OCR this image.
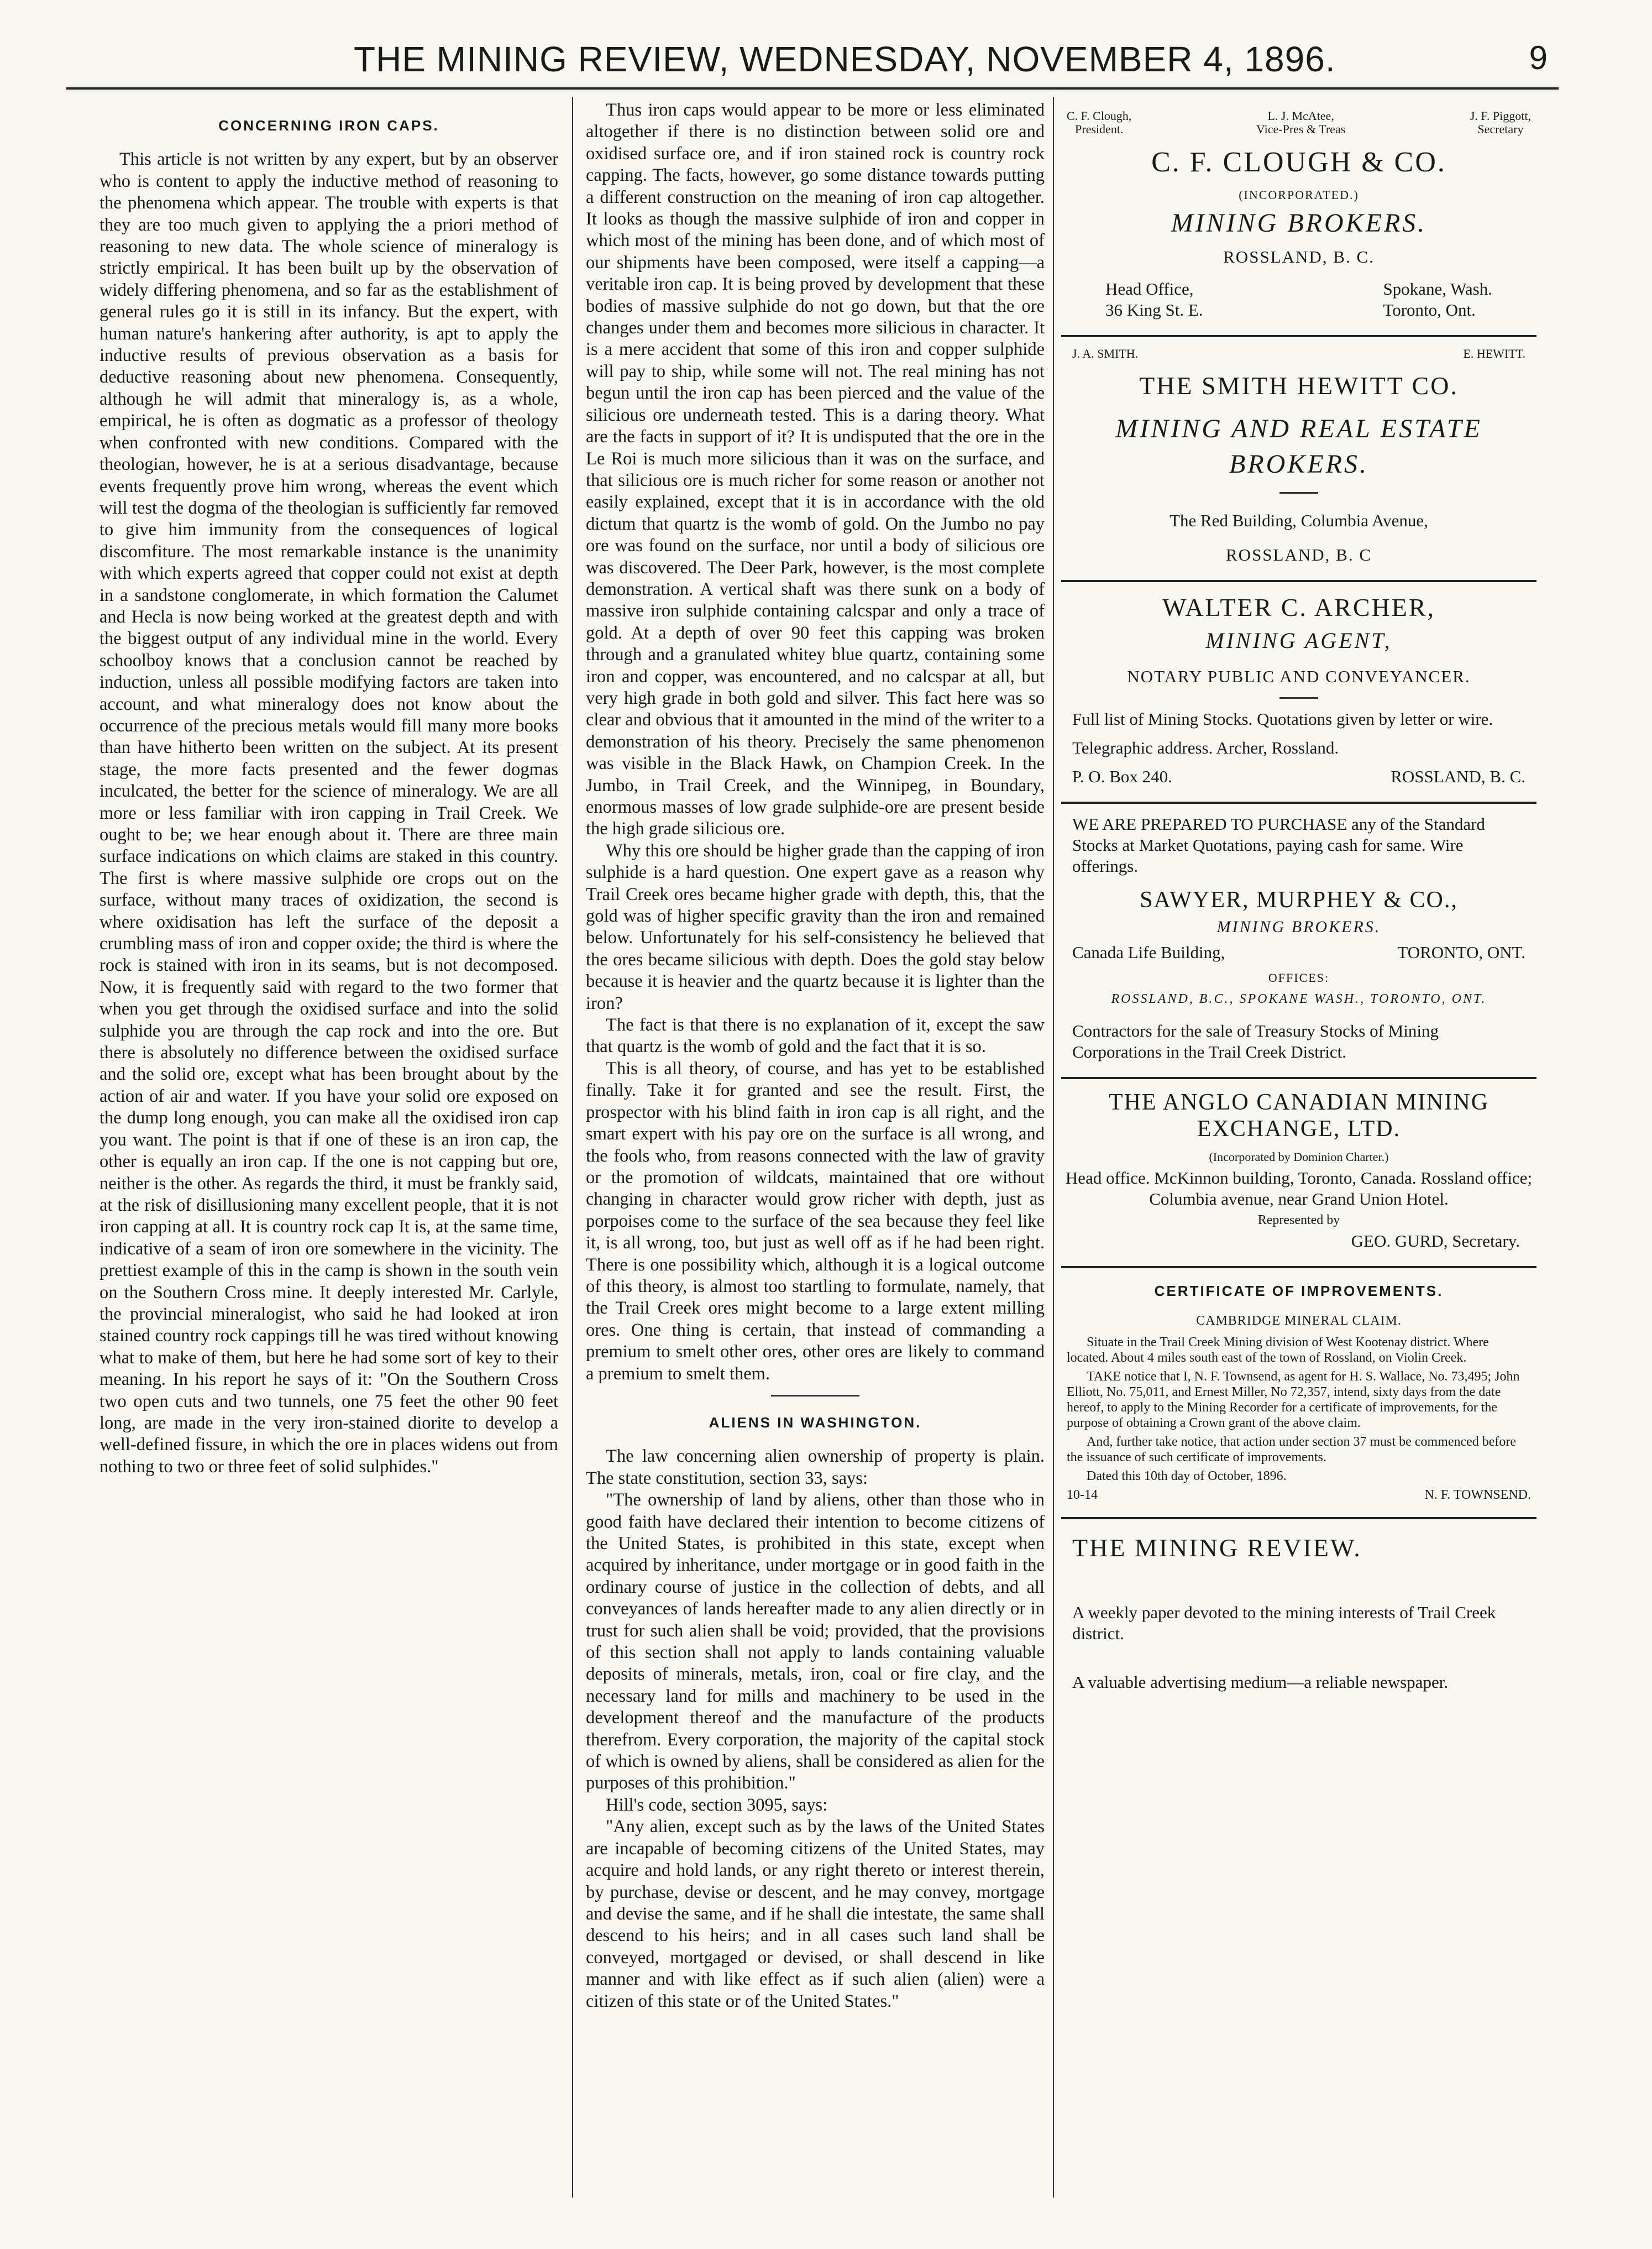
THE MINING REVIEW, WEDNESDAY, NOVEMBER 4, 1896.	9
CONCERNING IRON CAPS.

This article is not written by any expert, but by an observer who is content to apply the inductive method of reasoning to the phenomena which appear. The trouble with experts is that they are too much given to applying the a priori method of reasoning to new data. The whole science of mineralogy is strictly empirical. It has been built up by the observation of widely differing phenomena, and so far as the establishment of general rules go it is still in its infancy. But the expert, with human nature's hankering after authority, is apt to apply the inductive results of previous observation as a basis for deductive reasoning about new phenomena. Consequently, although he will admit that mineralogy is, as a whole, empirical, he is often as dogmatic as a professor of theology when confronted with new conditions. Compared with the theologian, however, he is at a serious disadvantage, because events frequently prove him wrong, whereas the event which will test the dogma of the theologian is sufficiently far removed to give him immunity from the consequences of logical discomfiture. The most remarkable instance is the unanimity with which experts agreed that copper could not exist at depth in a sandstone conglomerate, in which formation the Calumet and Hecla is now being worked at the greatest depth and with the biggest output of any individual mine in the world. Every schoolboy knows that a conclusion cannot be reached by induction, unless all possible modifying factors are taken into account, and what mineralogy does not know about the occurrence of the precious metals would fill many more books than have hitherto been written on the subject. At its present stage, the more facts presented and the fewer dogmas inculcated, the better for the science of mineralogy. We are all more or less familiar with iron capping in Trail Creek. We ought to be; we hear enough about it. There are three main surface indications on which claims are staked in this country. The first is where massive sulphide ore crops out on the surface, without many traces of oxidization, the second is where oxidisation has left the surface of the deposit a crumbling mass of iron and copper oxide; the third is where the rock is stained with iron in its seams, but is not decomposed. Now, it is frequently said with regard to the two former that when you get through the oxidised surface and into the solid sulphide you are through the cap rock and into the ore. But there is absolutely no difference between the oxidised surface and the solid ore, except what has been brought about by the action of air and water. If you have your solid ore exposed on the dump long enough, you can make all the oxidised iron cap you want. The point is that if one of these is an iron cap, the other is equally an iron cap. If the one is not capping but ore, neither is the other. As regards the third, it must be frankly said, at the risk of disillusioning many excellent people, that it is not iron capping at all. It is country rock cap It is, at the same time, indicative of a seam of iron ore somewhere in the vicinity. The prettiest example of this in the camp is shown in the south vein on the Southern Cross mine. It deeply interested Mr. Carlyle, the provincial mineralogist, who said he had looked at iron stained country rock cappings till he was tired without knowing what to make of them, but here he had some sort of key to their meaning. In his report he says of it: "On the Southern Cross two open cuts and two tunnels, one 75 feet the other 90 feet long, are made in the very iron-stained diorite to develop a well-defined fissure, in which the ore in places widens out from nothing to two or three feet of solid sulphides."

Thus iron caps would appear to be more or less eliminated altogether if there is no distinction between solid ore and oxidised surface ore, and if iron stained rock is country rock capping. The facts, however, go some distance towards putting a different construction on the meaning of iron cap altogether. It looks as though the massive sulphide of iron and copper in which most of the mining has been done, and of which most of our shipments have been composed, were itself a capping—a veritable iron cap. It is being proved by development that these bodies of massive sulphide do not go down, but that the ore changes under them and becomes more silicious in character. It is a mere accident that some of this iron and copper sulphide will pay to ship, while some will not. The real mining has not begun until the iron cap has been pierced and the value of the silicious ore underneath tested. This is a daring theory. What are the facts in support of it? It is undisputed that the ore in the Le Roi is much more silicious than it was on the surface, and that silicious ore is much richer for some reason or another not easily explained, except that it is in accordance with the old dictum that quartz is the womb of gold. On the Jumbo no pay ore was found on the surface, nor until a body of silicious ore was discovered. The Deer Park, however, is the most complete demonstration. A vertical shaft was there sunk on a body of massive iron sulphide containing calcspar and only a trace of gold. At a depth of over 90 feet this capping was broken through and a granulated whitey blue quartz, containing some iron and copper, was encountered, and no calcspar at all, but very high grade in both gold and silver. This fact here was so clear and obvious that it amounted in the mind of the writer to a demonstration of his theory. Precisely the same phenomenon was visible in the Black Hawk, on Champion Creek. In the Jumbo, in Trail Creek, and the Winnipeg, in Boundary, enormous masses of low grade sulphide-ore are present beside the high grade silicious ore.

Why this ore should be higher grade than the capping of iron sulphide is a hard question. One expert gave as a reason why Trail Creek ores became higher grade with depth, this, that the gold was of higher specific gravity than the iron and remained below. Unfortunately for his self-consistency he believed that the ores became silicious with depth. Does the gold stay below because it is heavier and the quartz because it is lighter than the iron?

The fact is that there is no explanation of it, except the saw that quartz is the womb of gold and the fact that it is so.

This is all theory, of course, and has yet to be established finally. Take it for granted and see the result. First, the prospector with his blind faith in iron cap is all right, and the smart expert with his pay ore on the surface is all wrong, and the fools who, from reasons connected with the law of gravity or the promotion of wildcats, maintained that ore without changing in character would grow richer with depth, just as porpoises come to the surface of the sea because they feel like it, is all wrong, too, but just as well off as if he had been right. There is one possibility which, although it is a logical outcome of this theory, is almost too startling to formulate, namely, that the Trail Creek ores might become to a large extent milling ores. One thing is certain, that instead of commanding a premium to smelt other ores, other ores are likely to command a premium to smelt them.

ALIENS IN WASHINGTON.

The law concerning alien ownership of property is plain. The state constitution, section 33, says:

"The ownership of land by aliens, other than those who in good faith have declared their intention to become citizens of the United States, is prohibited in this state, except when acquired by inheritance, under mortgage or in good faith in the ordinary course of justice in the collection of debts, and all conveyances of lands hereafter made to any alien directly or in trust for such alien shall be void; provided, that the provisions of this section shall not apply to lands containing valuable deposits of minerals, metals, iron, coal or fire clay, and the necessary land for mills and machinery to be used in the development thereof and the manufacture of the products therefrom. Every corporation, the majority of the capital stock of which is owned by aliens, shall be considered as alien for the purposes of this prohibition."

Hill's code, section 3095, says:

"Any alien, except such as by the laws of the United States are incapable of becoming citizens of the United States, may acquire and hold lands, or any right thereto or interest therein, by purchase, devise or descent, and he may convey, mortgage and devise the same, and if he shall die intestate, the same shall descend to his heirs; and in all cases such land shall be conveyed, mortgaged or devised, or shall descend in like manner and with like effect as if such alien (alien) were a citizen of this state or of the United States."

C. F. Clough,
President.
L. J. McAtee,
Vice-Pres & Treas
J. F. Piggott,
Secretary
C. F. CLOUGH & CO.
(INCORPORATED.)
MINING BROKERS.
ROSSLAND, B. C.
Head Office,
36 King St. E.
Spokane, Wash.
Toronto, Ont.
J. A. SMITH.	E. HEWITT.
THE SMITH HEWITT CO.
MINING AND REAL ESTATE BROKERS.
The Red Building, Columbia Avenue,
ROSSLAND, B. C
WALTER C. ARCHER,
MINING AGENT,
NOTARY PUBLIC AND CONVEYANCER.
Full list of Mining Stocks. Quotations given by letter or wire.
Telegraphic address. Archer, Rossland.
P. O. Box 240.	ROSSLAND, B. C.
WE ARE PREPARED TO PURCHASE any of the Standard Stocks at Market Quotations, paying cash for same. Wire offerings.
SAWYER, MURPHEY & CO.,
MINING BROKERS.
Canada Life Building,	TORONTO, ONT.
OFFICES:
ROSSLAND, B.C., SPOKANE WASH., TORONTO, ONT.
Contractors for the sale of Treasury Stocks of Mining Corporations in the Trail Creek District.
THE ANGLO CANADIAN MINING EXCHANGE, LTD.
(Incorporated by Dominion Charter.)
Head office. McKinnon building, Toronto, Canada. Rossland office; Columbia avenue, near Grand Union Hotel.
Represented by
GEO. GURD, Secretary.
CERTIFICATE OF IMPROVEMENTS.
CAMBRIDGE MINERAL CLAIM.

Situate in the Trail Creek Mining division of West Kootenay district. Where located. About 4 miles south east of the town of Rossland, on Violin Creek.

TAKE notice that I, N. F. Townsend, as agent for H. S. Wallace, No. 73,495; John Elliott, No. 75,011, and Ernest Miller, No 72,357, intend, sixty days from the date hereof, to apply to the Mining Recorder for a certificate of improvements, for the purpose of obtaining a Crown grant of the above claim.

And, further take notice, that action under section 37 must be commenced before the issuance of such certificate of improvements.

Dated this 10th day of October, 1896.

10-14	N. F. TOWNSEND.
THE MINING REVIEW.
A weekly paper devoted to the mining interests of Trail Creek district.
A valuable advertising medium—a reliable newspaper.
